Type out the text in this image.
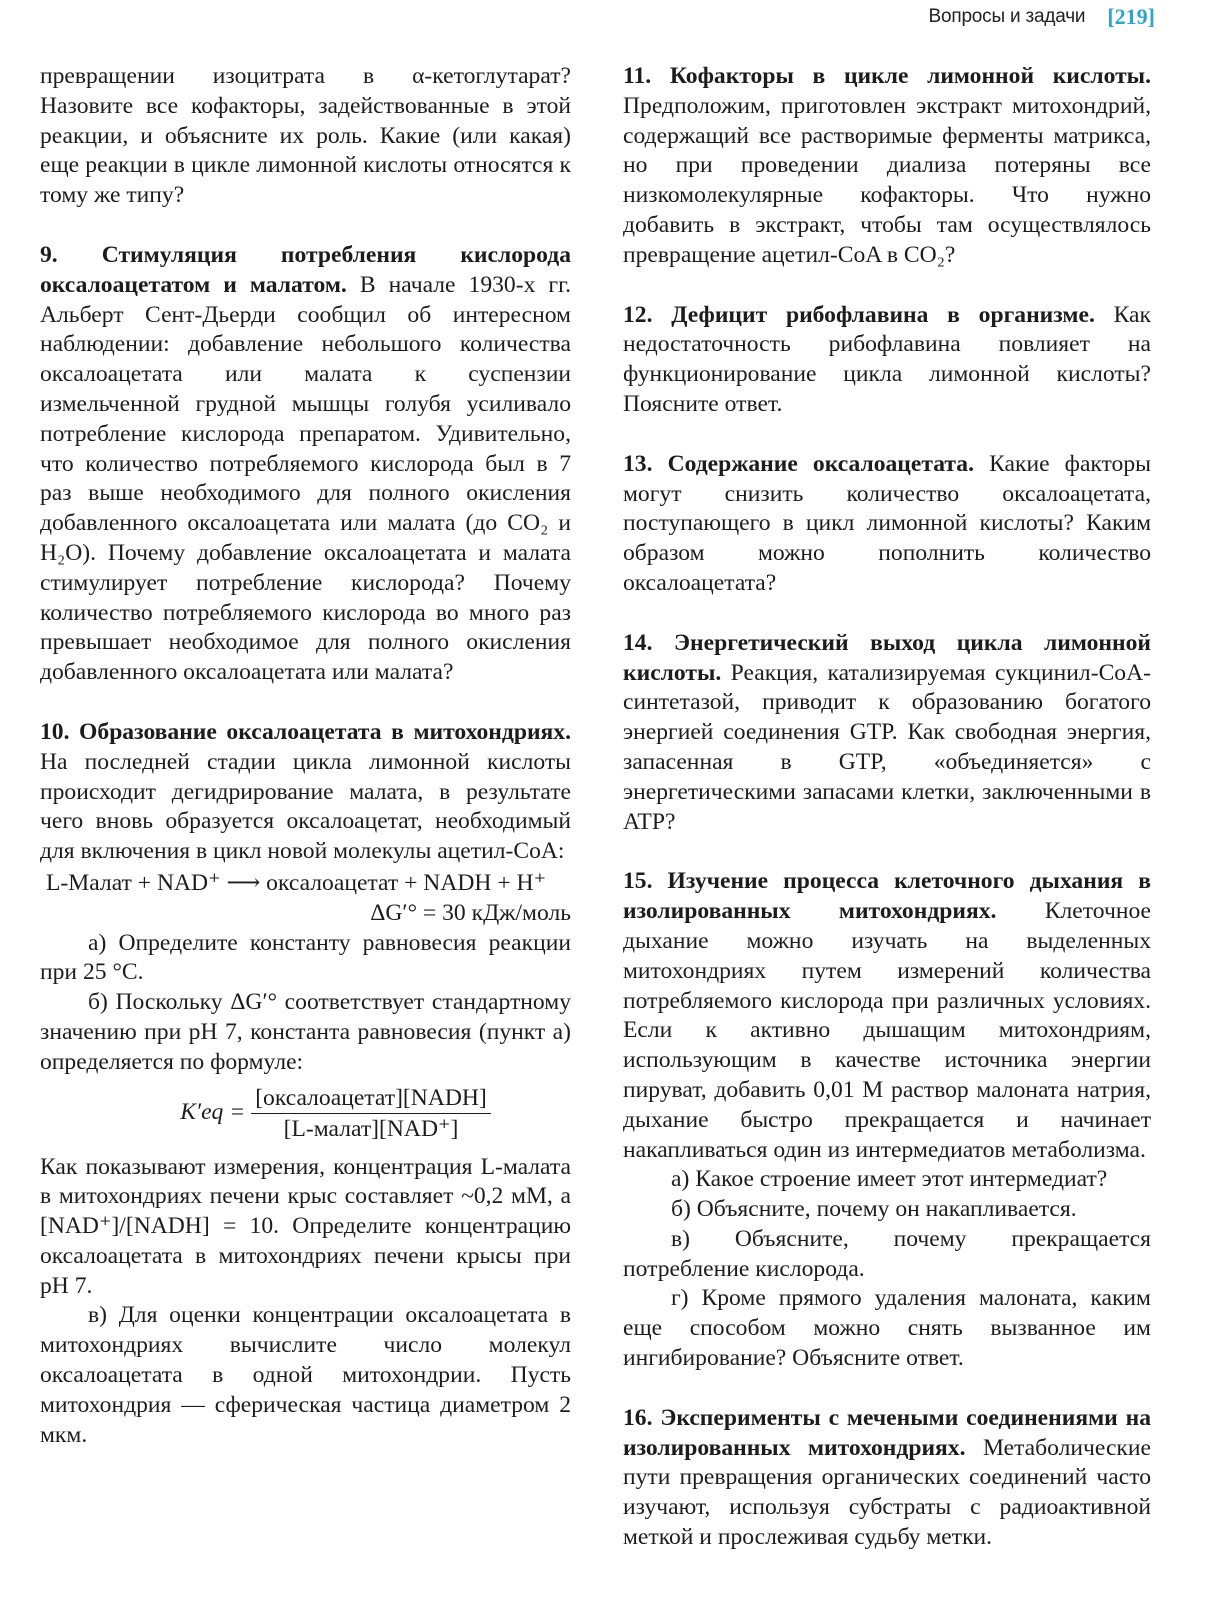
Вопросы и задачи [219]

превращении изоцитрата в α-кетоглутарат? Назовите все кофакторы, задействованные в этой реакции, и объясните их роль. Какие (или какая) еще реакции в цикле лимонной кислоты относятся к тому же типу?

9. Стимуляция потребления кислорода оксалоацетатом и малатом. В начале 1930-х гг. Альберт Сент-Дьерди сообщил об интересном наблюдении: добавление небольшого количества оксалоацетата или малата к суспензии измельченной грудной мышцы голубя усиливало потребление кислорода препаратом. Удивительно, что количество потребляемого кислорода был в 7 раз выше необходимого для полного окисления добавленного оксалоацетата или малата (до CO₂ и H₂O). Почему добавление оксалоацетата и малата стимулирует потребление кислорода? Почему количество потребляемого кислорода во много раз превышает необходимое для полного окисления добавленного оксалоацетата или малата?

10. Образование оксалоацетата в митохондриях. На последней стадии цикла лимонной кислоты происходит дегидрирование малата, в результате чего вновь образуется оксалоацетат, необходимый для включения в цикл новой молекулы ацетил-CoA:

L-Малат + NAD⁺ ⟶ оксалоацетат + NADH + H⁺

ΔG′° = 30 кДж/моль

а) Определите константу равновесия реакции при 25 °C.

б) Поскольку ΔG′° соответствует стандартному значению при pH 7, константа равновесия (пункт а) определяется по формуле:

$K'eq = \frac{\text{[оксалоацетат][NADH]}}{\text{[L-малат][NAD⁺]}}$

Как показывают измерения, концентрация L-малата в митохондриях печени крыс составляет ~0,2 мМ, а [NAD⁺]/[NADH] = 10. Определите концентрацию оксалоацетата в митохондриях печени крысы при pH 7.

в) Для оценки концентрации оксалоацетата в митохондриях вычислите число молекул оксалоацетата в одной митохондрии. Пусть митохондрия — сферическая частица диаметром 2 мкм.

11. Кофакторы в цикле лимонной кислоты. Предположим, приготовлен экстракт митохондрий, содержащий все растворимые ферменты матрикса, но при проведении диализа потеряны все низкомолекулярные кофакторы. Что нужно добавить в экстракт, чтобы там осуществлялось превращение ацетил-CoA в CO₂?

12. Дефицит рибофлавина в организме. Как недостаточность рибофлавина повлияет на функционирование цикла лимонной кислоты? Поясните ответ.

13. Содержание оксалоацетата. Какие факторы могут снизить количество оксалоацетата, поступающего в цикл лимонной кислоты? Каким образом можно пополнить количество оксалоацетата?

14. Энергетический выход цикла лимонной кислоты. Реакция, катализируемая сукцинил-CoA-синтетазой, приводит к образованию богатого энергией соединения GTP. Как свободная энергия, запасенная в GTP, «объединяется» с энергетическими запасами клетки, заключенными в ATP?

15. Изучение процесса клеточного дыхания в изолированных митохондриях. Клеточное дыхание можно изучать на выделенных митохондриях путем измерений количества потребляемого кислорода при различных условиях. Если к активно дышащим митохондриям, использующим в качестве источника энергии пируват, добавить 0,01 М раствор малоната натрия, дыхание быстро прекращается и начинает накапливаться один из интермедиатов метаболизма.

а) Какое строение имеет этот интермедиат?

б) Объясните, почему он накапливается.

в) Объясните, почему прекращается потребление кислорода.

г) Кроме прямого удаления малоната, каким еще способом можно снять вызванное им ингибирование? Объясните ответ.

16. Эксперименты с мечеными соединениями на изолированных митохондриях. Метаболические пути превращения органических соединений часто изучают, используя субстраты с радиоактивной меткой и прослеживая судьбу метки.
